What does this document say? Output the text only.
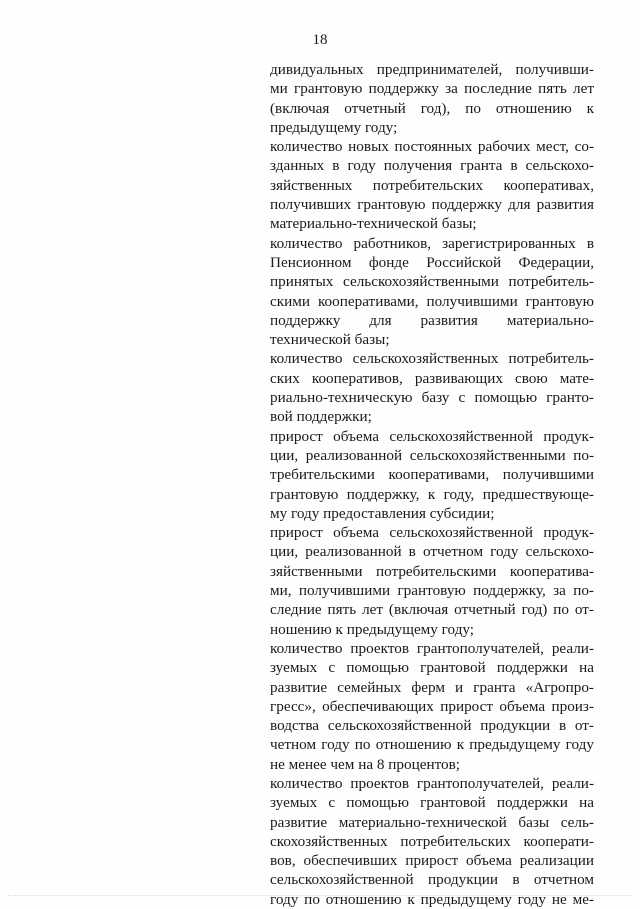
18
дивидуальных предпринимателей, получивши-
ми грантовую поддержку за последние пять лет
(включая отчетный год), по отношению к
предыдущему году;
количество новых постоянных рабочих мест, со-
зданных в году получения гранта в сельскохо-
зяйственных потребительских кооперативах,
получивших грантовую поддержку для развития
материально-технической базы;
количество работников, зарегистрированных в
Пенсионном фонде Российской Федерации,
принятых сельскохозяйственными потребитель-
скими кооперативами, получившими грантовую
поддержку для развития материально-
технической базы;
количество сельскохозяйственных потребитель-
ских кооперативов, развивающих свою мате-
риально-техническую базу с помощью гранто-
вой поддержки;
прирост объема сельскохозяйственной продук-
ции, реализованной сельскохозяйственными по-
требительскими кооперативами, получившими
грантовую поддержку, к году, предшествующе-
му году предоставления субсидии;
прирост объема сельскохозяйственной продук-
ции, реализованной в отчетном году сельскохо-
зяйственными потребительскими кооператива-
ми, получившими грантовую поддержку, за по-
следние пять лет (включая отчетный год) по от-
ношению к предыдущему году;
количество проектов грантополучателей, реали-
зуемых с помощью грантовой поддержки на
развитие семейных ферм и гранта «Агропро-
гресс», обеспечивающих прирост объема произ-
водства сельскохозяйственной продукции в от-
четном году по отношению к предыдущему году
не менее чем на 8 процентов;
количество проектов грантополучателей, реали-
зуемых с помощью грантовой поддержки на
развитие материально-технической базы сель-
скохозяйственных потребительских кооперати-
вов, обеспечивших прирост объема реализации
сельскохозяйственной продукции в отчетном
году по отношению к предыдущему году не ме-
